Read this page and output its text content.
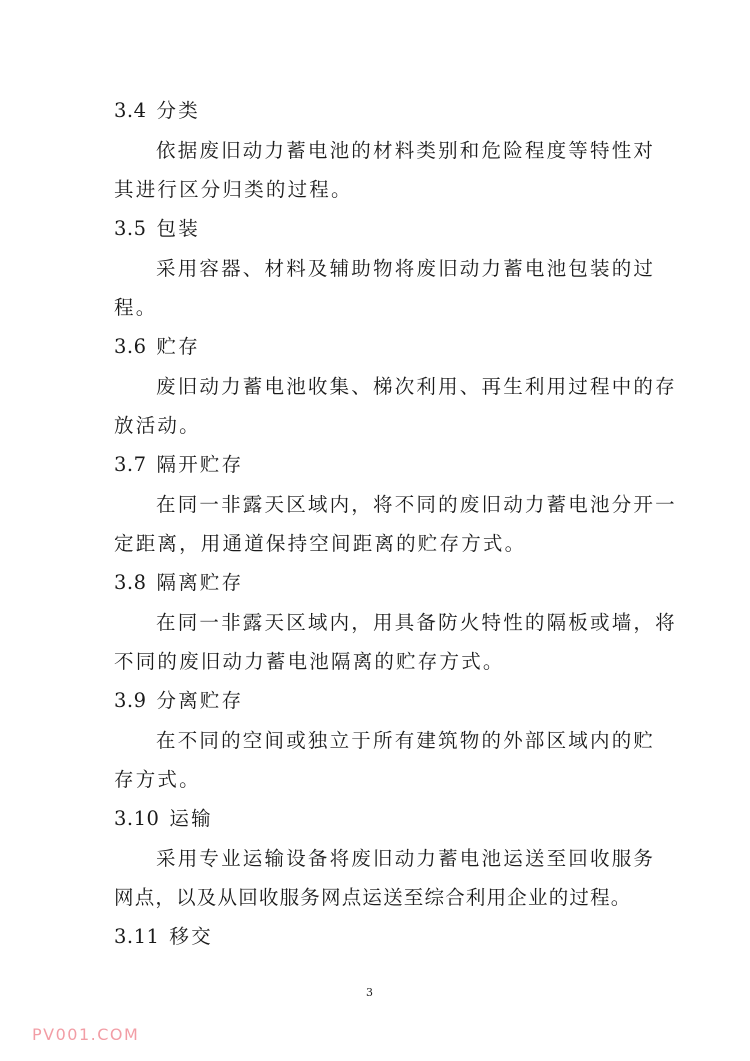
3.4 分类
依据废旧动力蓄电池的材料类别和危险程度等特性对
其进行区分归类的过程。
3.5 包装
采用容器、材料及辅助物将废旧动力蓄电池包装的过
程。
3.6 贮存
废旧动力蓄电池收集、梯次利用、再生利用过程中的存
放活动。
3.7 隔开贮存
在同一非露天区域内，将不同的废旧动力蓄电池分开一
定距离，用通道保持空间距离的贮存方式。
3.8 隔离贮存
在同一非露天区域内，用具备防火特性的隔板或墙，将
不同的废旧动力蓄电池隔离的贮存方式。
3.9 分离贮存
在不同的空间或独立于所有建筑物的外部区域内的贮
存方式。
3.10 运输
采用专业运输设备将废旧动力蓄电池运送至回收服务
网点，以及从回收服务网点运送至综合利用企业的过程。
3.11 移交
3
PV001.COM
